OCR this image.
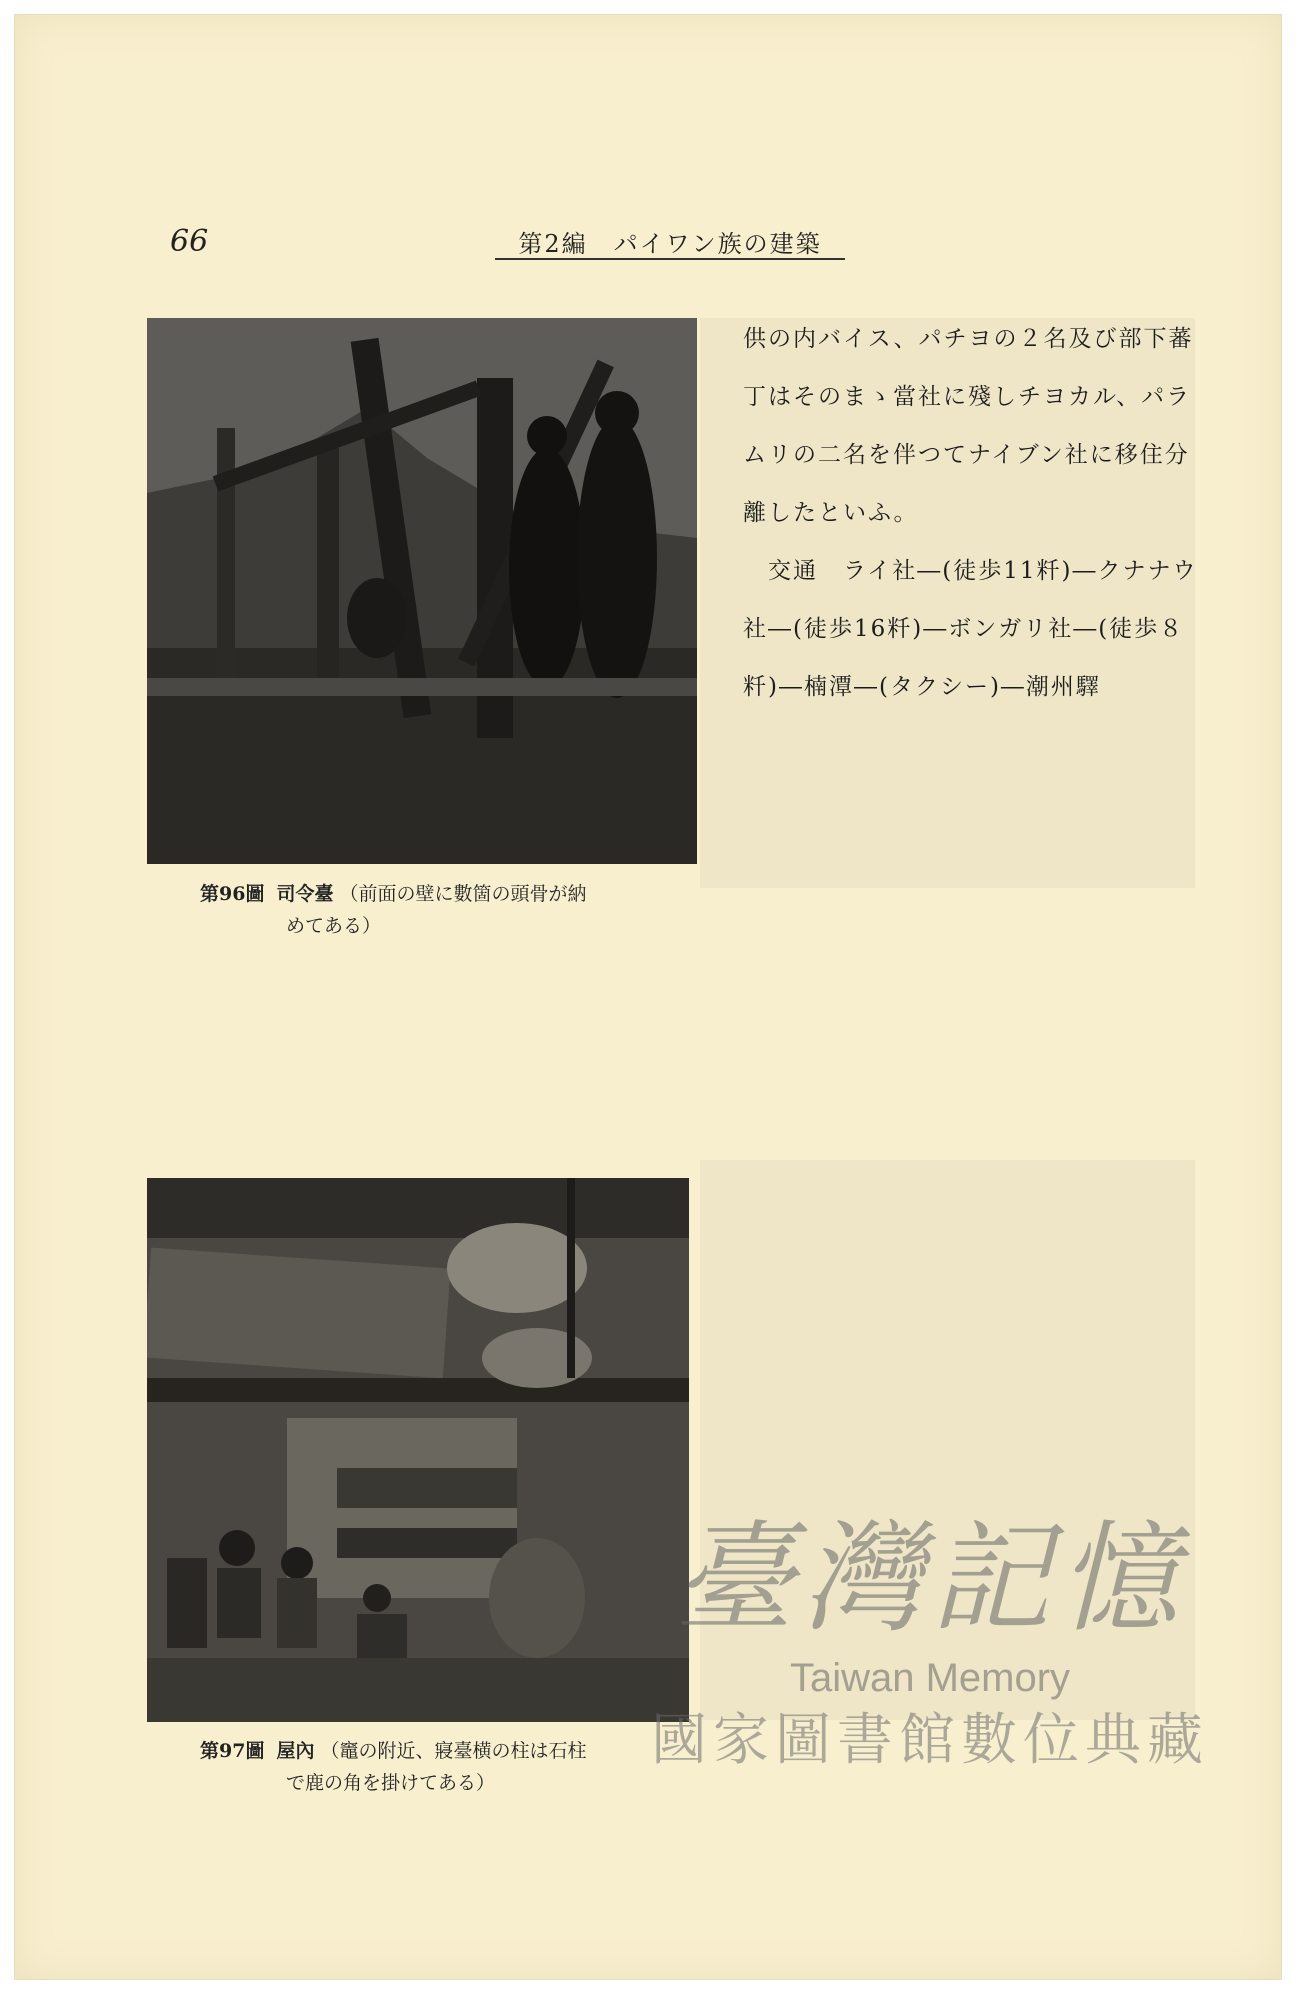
66	第2編　パイワン族の建築
第96圖 司令臺 （前面の壁に數箇の頭骨が納
めてある）

供の内バイス、パチヨの２名及び部下蕃

丁はそのまゝ當社に殘しチヨカル、パラ

ムリの二名を伴つてナイブン社に移住分

離したといふ。

　交通　ライ社―(徒歩11粁)―クナナウ

社―(徒歩16粁)―ボンガリ社―(徒歩８

粁)―楠潭―(タクシー)―潮州驛

第97圖 屋內 （竈の附近、寢臺横の柱は石柱
で鹿の角を掛けてある）
臺灣記憶
Taiwan Memory
國家圖書館數位典藏
